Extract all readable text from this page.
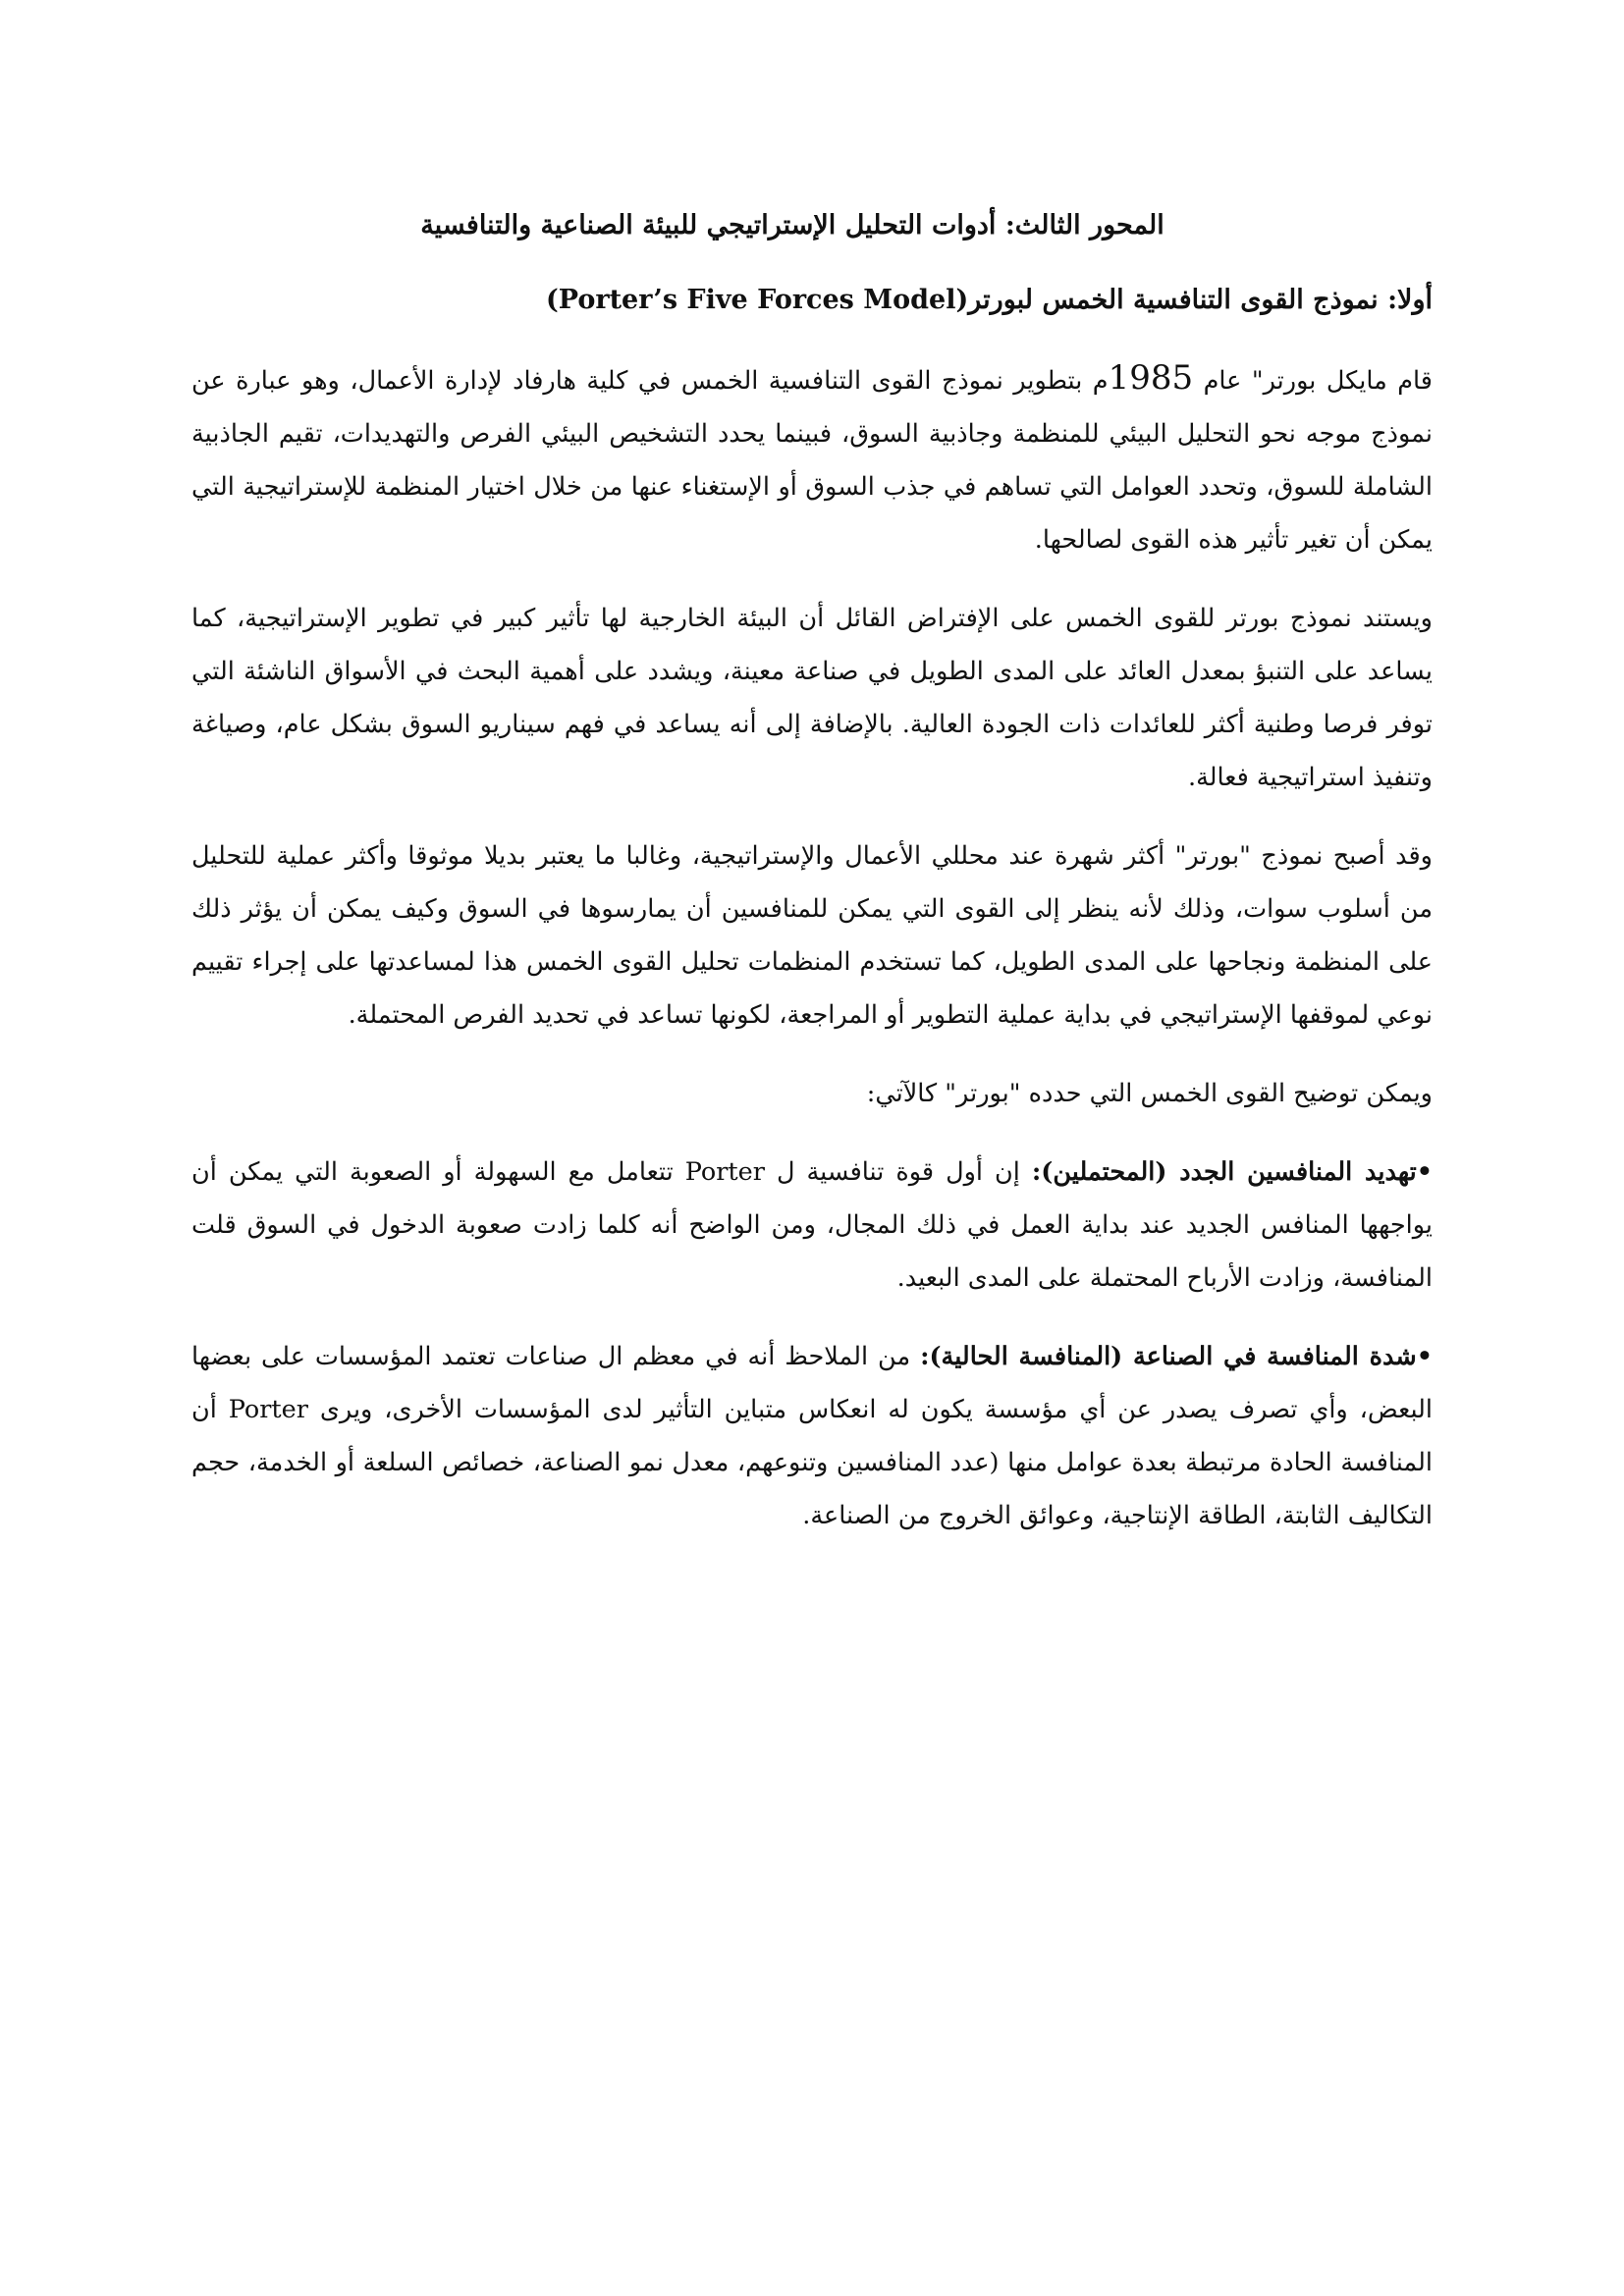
المحور الثالث: أدوات التحليل الإستراتيجي للبيئة الصناعية والتنافسية
أولا: نموذج القوى التنافسية الخمس لبورتر(Porter’s Five Forces Model)

قام مايكل بورتر" عام 1985م بتطوير نموذج القوى التنافسية الخمس في كلية هارفاد لإدارة الأعمال، وهو عبارة عن نموذج موجه نحو التحليل البيئي للمنظمة وجاذبية السوق، فبينما يحدد التشخيص البيئي الفرص والتهديدات، تقيم الجاذبية الشاملة للسوق، وتحدد العوامل التي تساهم في جذب السوق أو الإستغناء عنها من خلال اختيار المنظمة للإستراتيجية التي يمكن أن تغير تأثير هذه القوى لصالحها.

ويستند نموذج بورتر للقوى الخمس على الإفتراض القائل أن البيئة الخارجية لها تأثير كبير في تطوير الإستراتيجية، كما يساعد على التنبؤ بمعدل العائد على المدى الطويل في صناعة معينة، ويشدد على أهمية البحث في الأسواق الناشئة التي توفر فرصا وطنية أكثر للعائدات ذات الجودة العالية. بالإضافة إلى أنه يساعد في فهم سيناريو السوق بشكل عام، وصياغة وتنفيذ استراتيجية فعالة.

وقد أصبح نموذج "بورتر" أكثر شهرة عند محللي الأعمال والإستراتيجية، وغالبا ما يعتبر بديلا موثوقا وأكثر عملية للتحليل من أسلوب سوات، وذلك لأنه ينظر إلى القوى التي يمكن للمنافسين أن يمارسوها في السوق وكيف يمكن أن يؤثر ذلك على المنظمة ونجاحها على المدى الطويل، كما تستخدم المنظمات تحليل القوى الخمس هذا لمساعدتها على إجراء تقييم نوعي لموقفها الإستراتيجي في بداية عملية التطوير أو المراجعة، لكونها تساعد في تحديد الفرص المحتملة.

ويمكن توضيح القوى الخمس التي حدده "بورتر" كالآتي:

•تهديد المنافسين الجدد (المحتملين): إن أول قوة تنافسية ل Porter تتعامل مع السهولة أو الصعوبة التي يمكن أن يواجهها المنافس الجديد عند بداية العمل في ذلك المجال، ومن الواضح أنه كلما زادت صعوبة الدخول في السوق قلت المنافسة، وزادت الأرباح المحتملة على المدى البعيد.

•شدة المنافسة في الصناعة (المنافسة الحالية): من الملاحظ أنه في معظم ال صناعات تعتمد المؤسسات على بعضها البعض، وأي تصرف يصدر عن أي مؤسسة يكون له انعكاس متباين التأثير لدى المؤسسات الأخرى، ويرى Porter أن المنافسة الحادة مرتبطة بعدة عوامل منها (عدد المنافسين وتنوعهم، معدل نمو الصناعة، خصائص السلعة أو الخدمة، حجم التكاليف الثابتة، الطاقة الإنتاجية، وعوائق الخروج من الصناعة.
